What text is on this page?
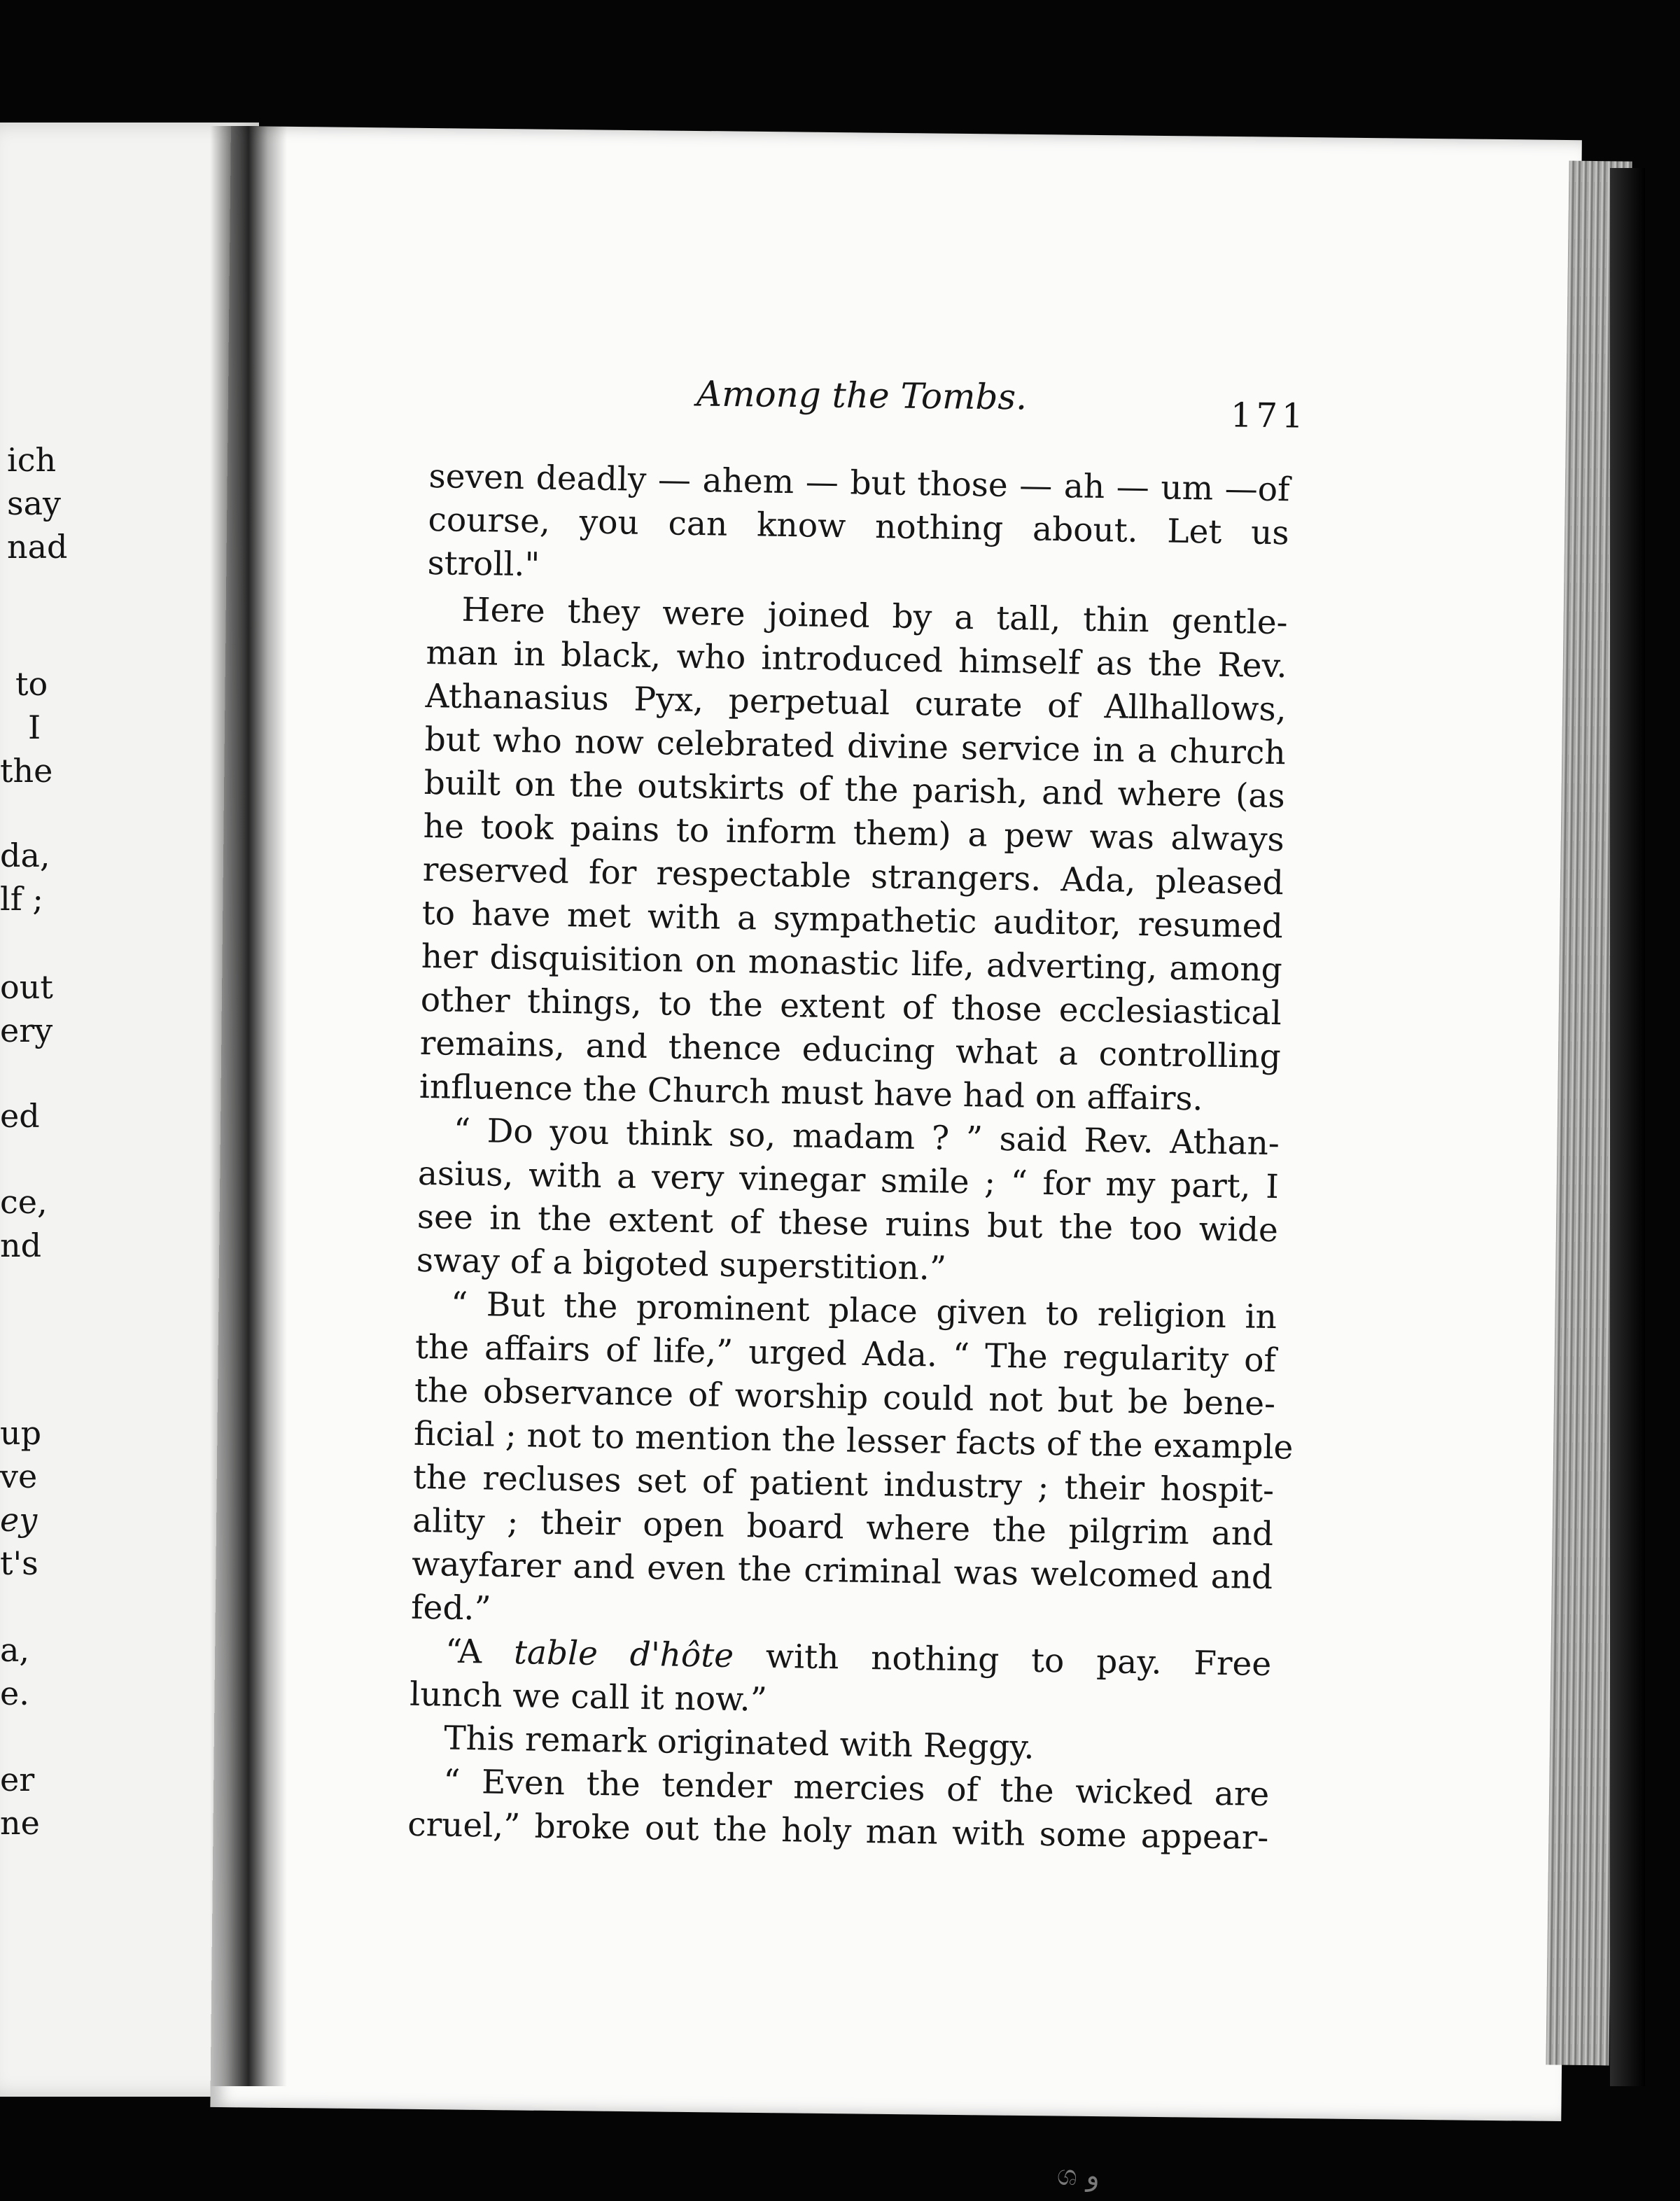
ich
say
nad
to
I
the
da,
lf ;
out
ery
ed
ce,
nd
up
ve
ey
t's
a,
e.
er
ne
Among the Tombs.	171
seven deadly — ahem — but those — ah — um —of
course, you can know nothing about. Let us
stroll."
Here they were joined by a tall, thin gentle-
man in black, who introduced himself as the Rev.
Athanasius Pyx, perpetual curate of Allhallows,
but who now celebrated divine service in a church
built on the outskirts of the parish, and where (as
he took pains to inform them) a pew was always
reserved for respectable strangers. Ada, pleased
to have met with a sympathetic auditor, resumed
her disquisition on monastic life, adverting, among
other things, to the extent of those ecclesiastical
remains, and thence educing what a controlling
influence the Church must have had on affairs.
“ Do you think so, madam ? ” said Rev. Athan-
asius, with a very vinegar smile ; “ for my part, I
see in the extent of these ruins but the too wide
sway of a bigoted superstition.”
“ But the prominent place given to religion in
the affairs of life,” urged Ada. “ The regularity of
the observance of worship could not but be bene-
ficial ; not to mention the lesser facts of the example
the recluses set of patient industry ; their hospit-
ality ; their open board where the pilgrim and
wayfarer and even the criminal was welcomed and
fed.”
“A table d'hôte with nothing to pay. Free
lunch we call it now.”
This remark originated with Reggy.
“ Even the tender mercies of the wicked are
cruel,” broke out the holy man with some appear-
ශ ﻭ
